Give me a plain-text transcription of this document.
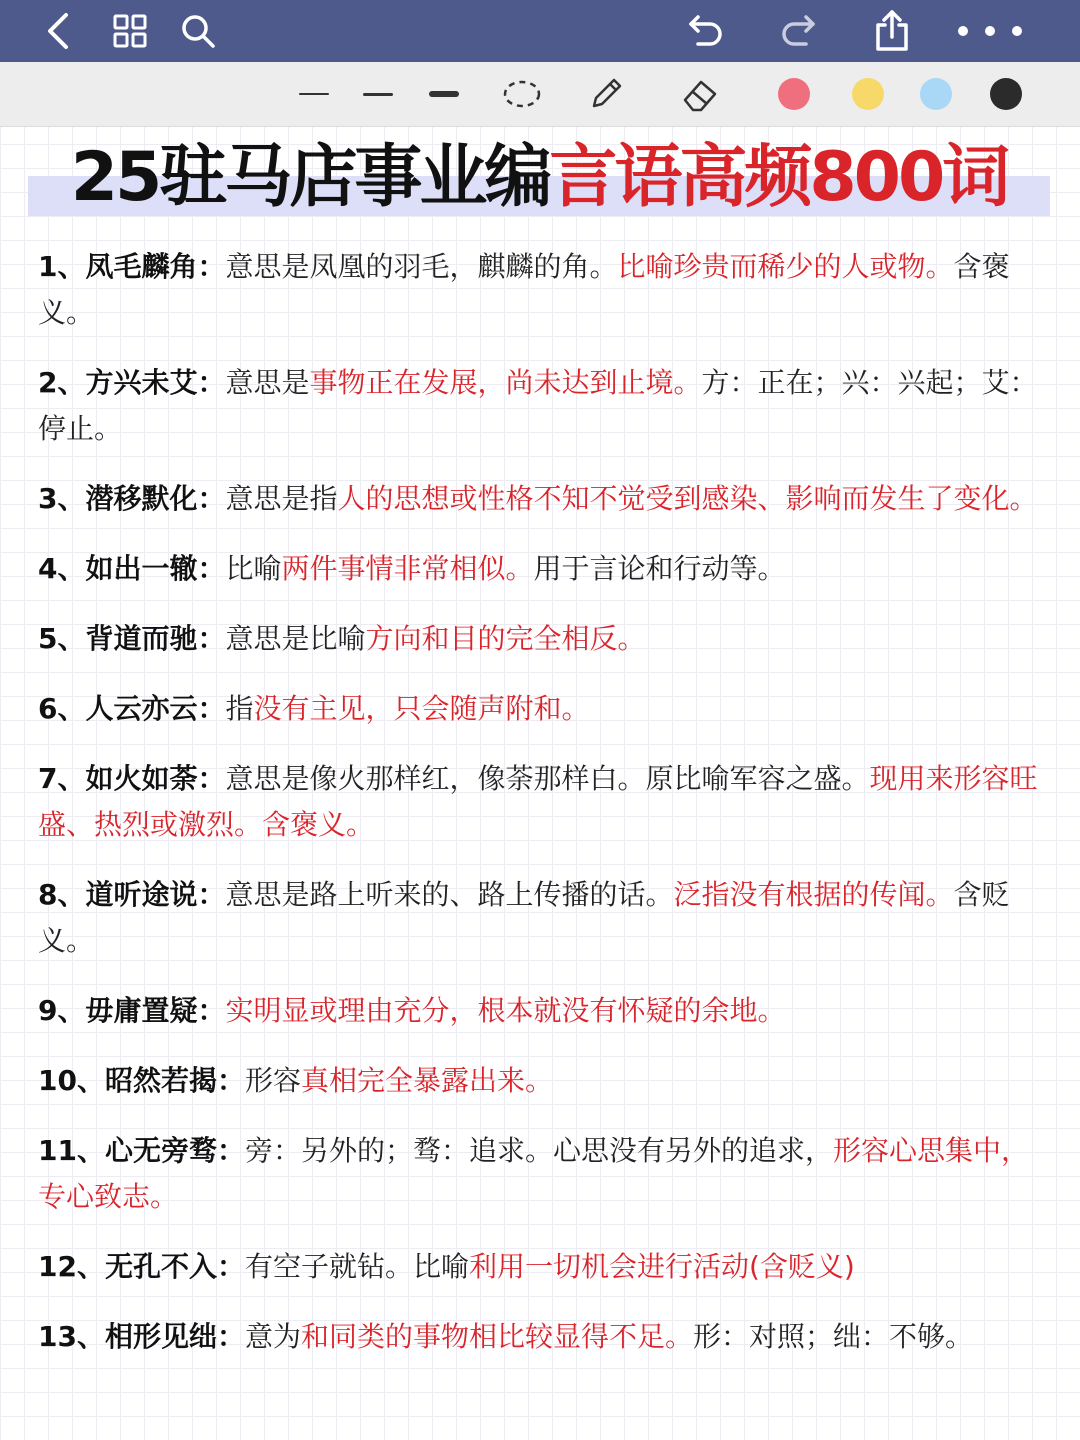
25驻马店事业编言语高频800词

1、凤毛麟角：意思是凤凰的羽毛，麒麟的角。比喻珍贵而稀少的人或物。含褒义。

2、方兴未艾：意思是事物正在发展，尚未达到止境。方：正在；兴：兴起；艾：停止。

3、潜移默化：意思是指人的思想或性格不知不觉受到感染、影响而发生了变化。

4、如出一辙：比喻两件事情非常相似。用于言论和行动等。

5、背道而驰：意思是比喻方向和目的完全相反。

6、人云亦云：指没有主见，只会随声附和。

7、如火如荼：意思是像火那样红，像荼那样白。原比喻军容之盛。现用来形容旺盛、热烈或激烈。含褒义。

8、道听途说：意思是路上听来的、路上传播的话。泛指没有根据的传闻。含贬义。

9、毋庸置疑：实明显或理由充分，根本就没有怀疑的余地。

10、昭然若揭：形容真相完全暴露出来。

11、心无旁骛：旁：另外的；骛：追求。心思没有另外的追求，形容心思集中，专心致志。

12、无孔不入：有空子就钻。比喻利用一切机会进行活动(含贬义)

13、相形见绌：意为和同类的事物相比较显得不足。形：对照；绌：不够。
